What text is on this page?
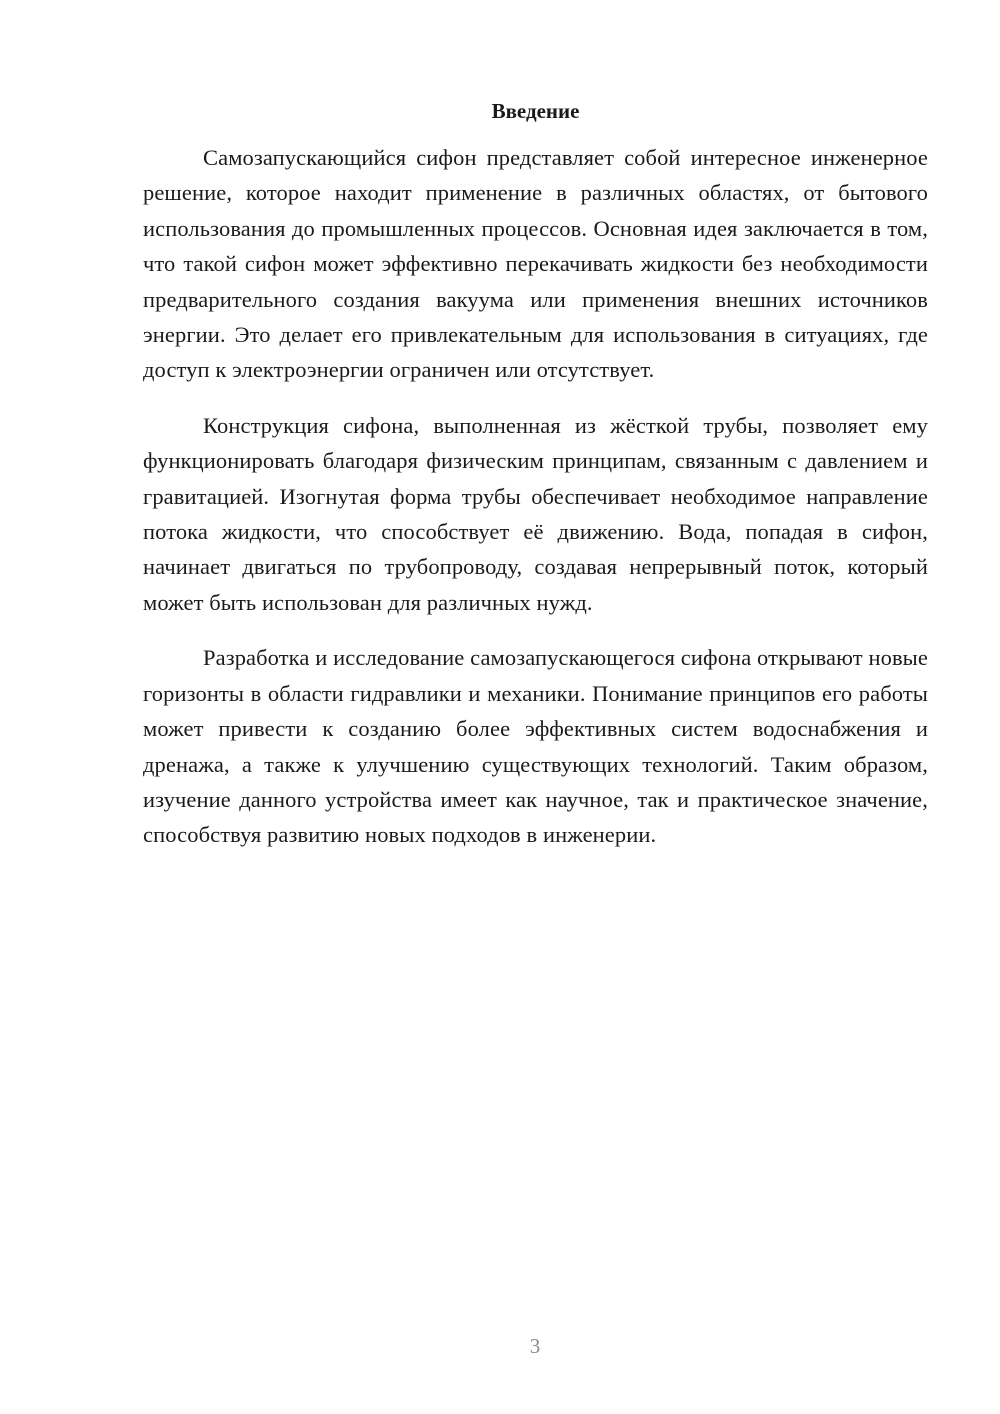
Введение

Самозапускающийся сифон представляет собой интересное инженерное решение, которое находит применение в различных областях, от бытового использования до промышленных процессов. Основная идея заключается в том, что такой сифон может эффективно перекачивать жидкости без необходимости предварительного создания вакуума или применения внешних источников энергии. Это делает его привлекательным для использования в ситуациях, где доступ к электроэнергии ограничен или отсутствует.

Конструкция сифона, выполненная из жёсткой трубы, позволяет ему функционировать благодаря физическим принципам, связанным с давлением и гравитацией. Изогнутая форма трубы обеспечивает необходимое направление потока жидкости, что способствует её движению. Вода, попадая в сифон, начинает двигаться по трубопроводу, создавая непрерывный поток, который может быть использован для различных нужд.

Разработка и исследование самозапускающегося сифона открывают новые горизонты в области гидравлики и механики. Понимание принципов его работы может привести к созданию более эффективных систем водоснабжения и дренажа, а также к улучшению существующих технологий. Таким образом, изучение данного устройства имеет как научное, так и практическое значение, способствуя развитию новых подходов в инженерии.

3
